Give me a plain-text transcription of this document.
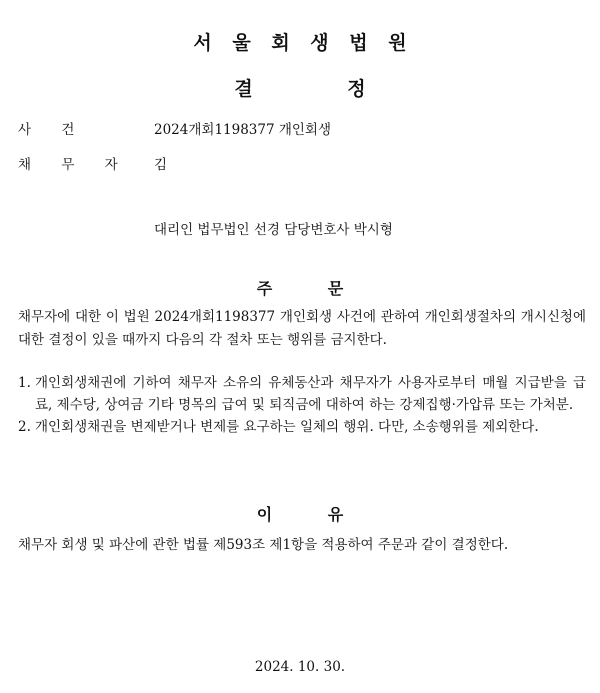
서 울 회 생 법 원
결 정
사 건	2024개회1198377 개인회생
채 무 자	김
대리인 법무법인 선경 담당변호사 박시형
주 문
채무자에 대한 이 법원 2024개회1198377 개인회생 사건에 관하여 개인회생절차의 개시신청에 대한 결정이 있을 때까지 다음의 각 절차 또는 행위를 금지한다.
1. 개인회생채권에 기하여 채무자 소유의 유체동산과 채무자가 사용자로부터 매월 지급받을 급료, 제수당, 상여금 기타 명목의 급여 및 퇴직금에 대하여 하는 강제집행·가압류 또는 가처분.
2. 개인회생채권을 변제받거나 변제를 요구하는 일체의 행위. 다만, 소송행위를 제외한다.
이 유
채무자 회생 및 파산에 관한 법률 제593조 제1항을 적용하여 주문과 같이 결정한다.
2024. 10. 30.
